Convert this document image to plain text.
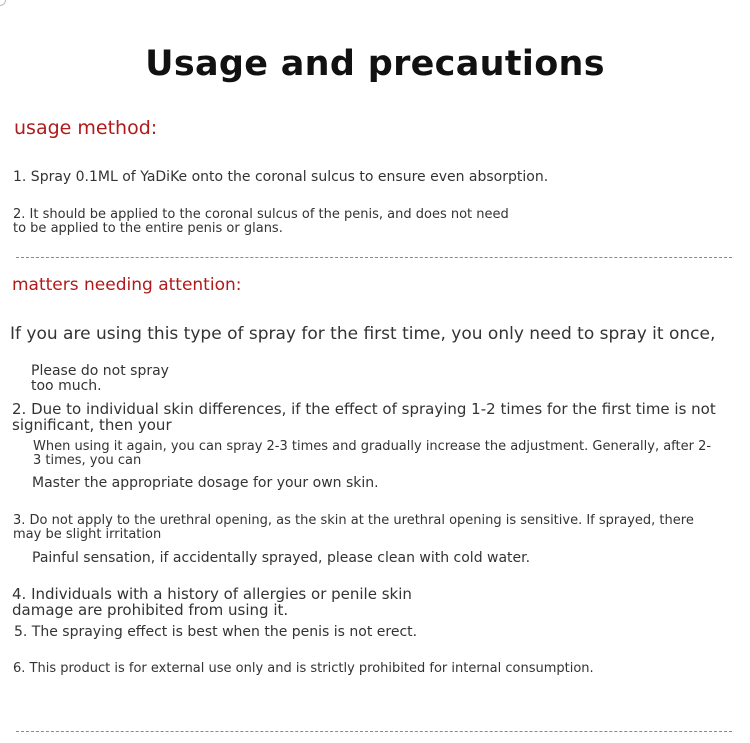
Usage and precautions
usage method:
1. Spray 0.1ML of YaDiKe onto the coronal sulcus to ensure even absorption.
2. It should be applied to the coronal sulcus of the penis, and does not need
to be applied to the entire penis or glans.
matters needing attention:
If you are using this type of spray for the first time, you only need to spray it once,
Please do not spray
too much.
2. Due to individual skin differences, if the effect of spraying 1-2 times for the first time is not
significant, then your
When using it again, you can spray 2-3 times and gradually increase the adjustment. Generally, after 2-
3 times, you can
Master the appropriate dosage for your own skin.
3. Do not apply to the urethral opening, as the skin at the urethral opening is sensitive. If sprayed, there
may be slight irritation
Painful sensation, if accidentally sprayed, please clean with cold water.
4. Individuals with a history of allergies or penile skin
damage are prohibited from using it.
5. The spraying effect is best when the penis is not erect.
6. This product is for external use only and is strictly prohibited for internal consumption.
